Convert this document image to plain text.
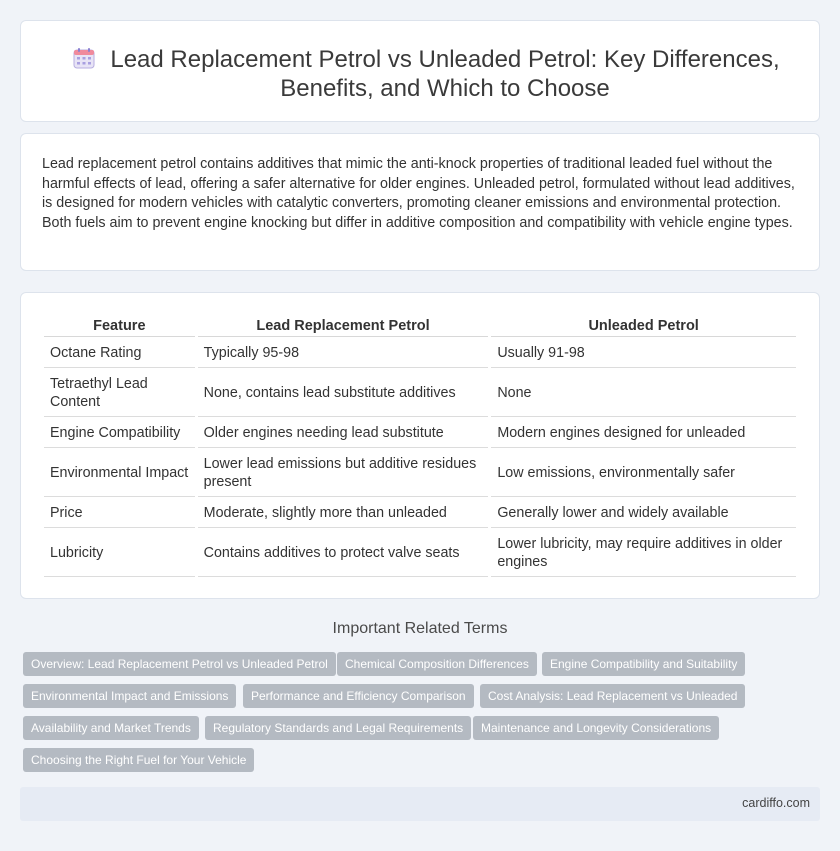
Lead Replacement Petrol vs Unleaded Petrol: Key Differences, Benefits, and Which to Choose

Lead replacement petrol contains additives that mimic the anti-knock properties of traditional leaded fuel without the harmful effects of lead, offering a safer alternative for older engines. Unleaded petrol, formulated without lead additives, is designed for modern vehicles with catalytic converters, promoting cleaner emissions and environmental protection. Both fuels aim to prevent engine knocking but differ in additive composition and compatibility with vehicle engine types.

Feature	Lead Replacement Petrol	Unleaded Petrol
Octane Rating	Typically 95-98	Usually 91-98
Tetraethyl Lead Content	None, contains lead substitute additives	None
Engine Compatibility	Older engines needing lead substitute	Modern engines designed for unleaded
Environmental Impact	Lower lead emissions but additive residues present	Low emissions, environmentally safer
Price	Moderate, slightly more than unleaded	Generally lower and widely available
Lubricity	Contains additives to protect valve seats	Lower lubricity, may require additives in older engines
Important Related Terms
Overview: Lead Replacement Petrol vs Unleaded Petrol	Chemical Composition Differences	Engine Compatibility and Suitability
Environmental Impact and Emissions	Performance and Efficiency Comparison	Cost Analysis: Lead Replacement vs Unleaded
Availability and Market Trends	Regulatory Standards and Legal Requirements	Maintenance and Longevity Considerations
Choosing the Right Fuel for Your Vehicle
cardiffo.com
